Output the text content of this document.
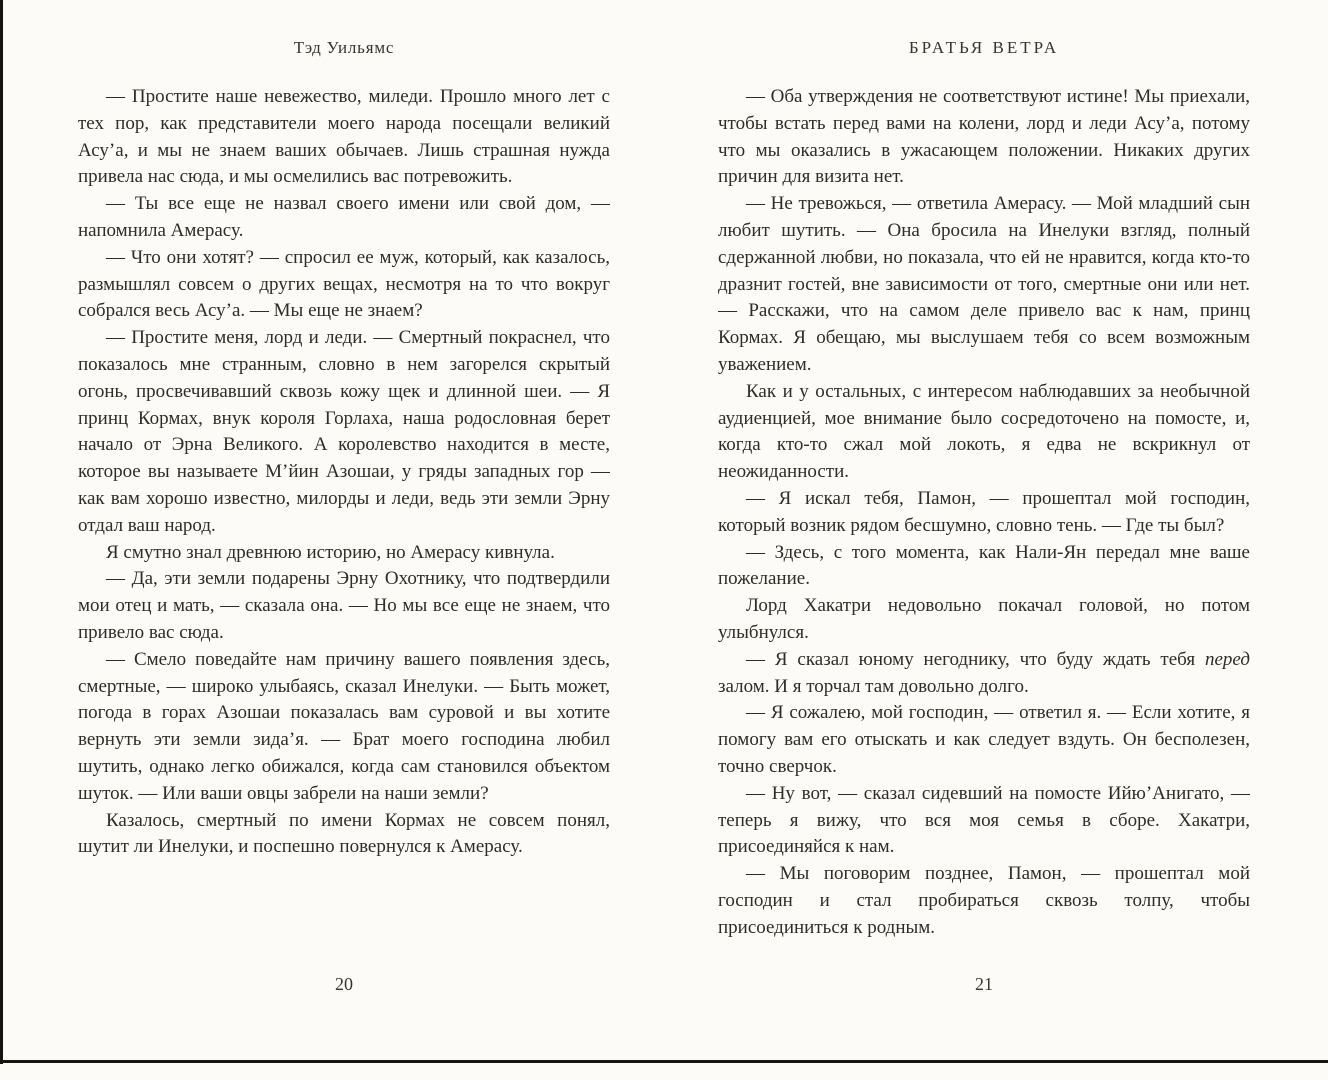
Тэд Уильямс

— Простите наше невежество, миледи. Прошло много лет с тех пор, как представители моего народа посещали великий Асу’а, и мы не знаем ваших обычаев. Лишь страшная нужда привела нас сюда, и мы осмелились вас потревожить.

— Ты все еще не назвал своего имени или свой дом, — напомнила Амерасу.

— Что они хотят? — спросил ее муж, который, как казалось, размышлял совсем о других вещах, несмотря на то что вокруг собрался весь Асу’а. — Мы еще не знаем?

— Простите меня, лорд и леди. — Смертный покраснел, что показалось мне странным, словно в нем загорелся скрытый огонь, просвечивавший сквозь кожу щек и длинной шеи. — Я принц Кормах, внук короля Горлаха, наша родословная берет начало от Эрна Великого. А королевство находится в месте, которое вы называете М’йин Азошаи, у гряды западных гор — как вам хорошо известно, милорды и леди, ведь эти земли Эрну отдал ваш народ.

Я смутно знал древнюю историю, но Амерасу кивнула.

— Да, эти земли подарены Эрну Охотнику, что подтвердили мои отец и мать, — сказала она. — Но мы все еще не знаем, что привело вас сюда.

— Смело поведайте нам причину вашего появления здесь, смертные, — широко улыбаясь, сказал Инелуки. — Быть может, погода в горах Азошаи показалась вам суровой и вы хотите вернуть эти земли зида’я. — Брат моего господина любил шутить, однако легко обижался, когда сам становился объектом шуток. — Или ваши овцы забрели на наши земли?

Казалось, смертный по имени Кормах не совсем понял, шутит ли Инелуки, и поспешно повернулся к Амерасу.

20
БРАТЬЯ ВЕТРА

— Оба утверждения не соответствуют истине! Мы приехали, чтобы встать перед вами на колени, лорд и леди Асу’а, потому что мы оказались в ужасающем положении. Никаких других причин для визита нет.

— Не тревожься, — ответила Амерасу. — Мой младший сын любит шутить. — Она бросила на Инелуки взгляд, полный сдержанной любви, но показала, что ей не нравится, когда кто-то дразнит гостей, вне зависимости от того, смертные они или нет. — Расскажи, что на самом деле привело вас к нам, принц Кормах. Я обещаю, мы выслушаем тебя со всем возможным уважением.

Как и у остальных, с интересом наблюдавших за необычной аудиенцией, мое внимание было сосредоточено на помосте, и, когда кто-то сжал мой локоть, я едва не вскрикнул от неожиданности.

— Я искал тебя, Памон, — прошептал мой господин, который возник рядом бесшумно, словно тень. — Где ты был?

— Здесь, с того момента, как Нали-Ян передал мне ваше пожелание.

Лорд Хакатри недовольно покачал головой, но потом улыбнулся.

— Я сказал юному негоднику, что буду ждать тебя перед залом. И я торчал там довольно долго.

— Я сожалею, мой господин, — ответил я. — Если хотите, я помогу вам его отыскать и как следует вздуть. Он бесполезен, точно сверчок.

— Ну вот, — сказал сидевший на помосте Ийю’Анигато, — теперь я вижу, что вся моя семья в сборе. Хакатри, присоединяйся к нам.

— Мы поговорим позднее, Памон, — прошептал мой господин и стал пробираться сквозь толпу, чтобы присоединиться к родным.

21
